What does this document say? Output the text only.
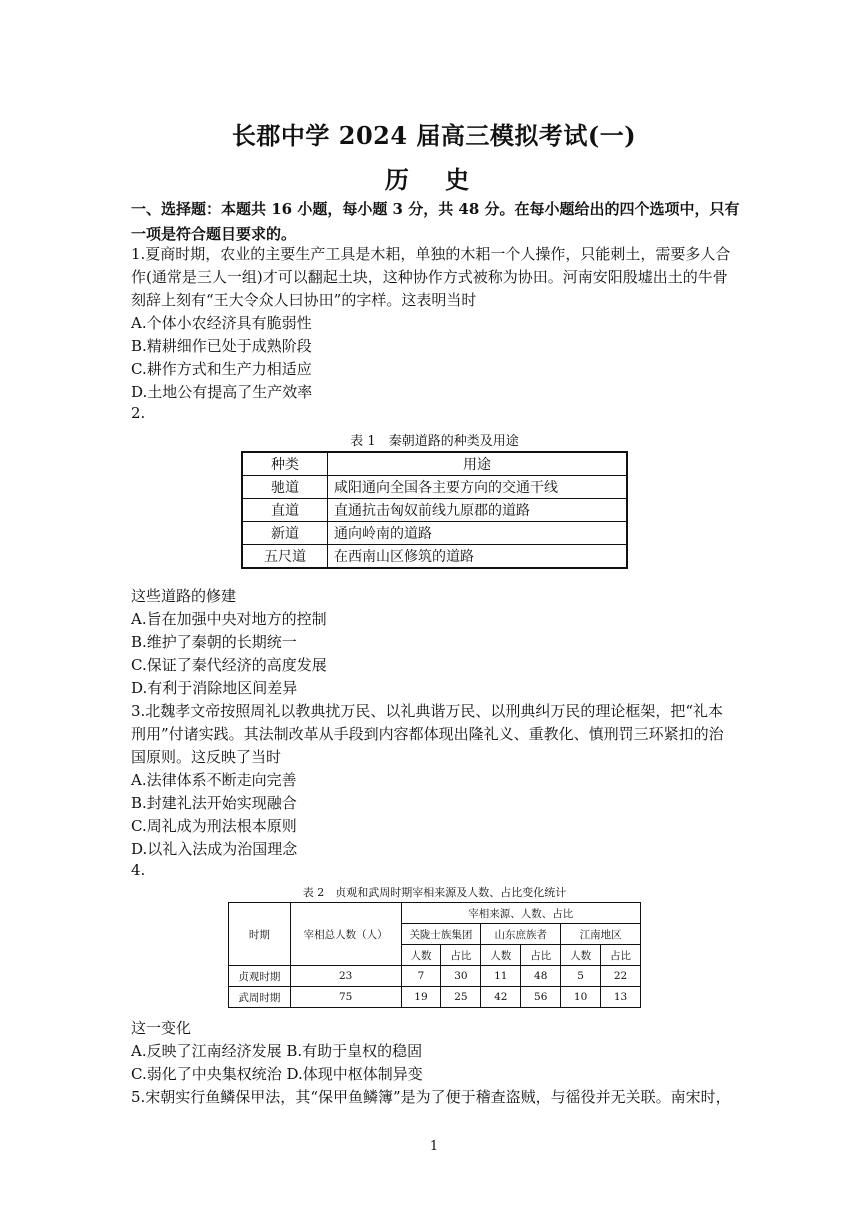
长郡中学 2024 届高三模拟考试(一)
历 史
一、选择题：本题共 16 小题，每小题 3 分，共 48 分。在每小题给出的四个选项中，只有一项是符合题目要求的。
1.夏商时期，农业的主要生产工具是木耜，单独的木耜一个人操作，只能刺土，需要多人合
作(通常是三人一组)才可以翻起土块，这种协作方式被称为协田。河南安阳殷墟出土的牛骨
刻辞上刻有“王大令众人曰协田”的字样。这表明当时
A.个体小农经济具有脆弱性
B.精耕细作已处于成熟阶段
C.耕作方式和生产力相适应
D.土地公有提高了生产效率
2.
表 1　秦朝道路的种类及用途
种类	用途
驰道	咸阳通向全国各主要方向的交通干线
直道	直通抗击匈奴前线九原郡的道路
新道	通向岭南的道路
五尺道	在西南山区修筑的道路
这些道路的修建
A.旨在加强中央对地方的控制
B.维护了秦朝的长期统一
C.保证了秦代经济的高度发展
D.有利于消除地区间差异
3.北魏孝文帝按照周礼以教典扰万民、以礼典谐万民、以刑典纠万民的理论框架，把“礼本
刑用”付诸实践。其法制改革从手段到内容都体现出隆礼义、重教化、慎刑罚三环紧扣的治
国原则。这反映了当时
A.法律体系不断走向完善
B.封建礼法开始实现融合
C.周礼成为刑法根本原则
D.以礼入法成为治国理念
4.
表 2　贞观和武周时期宰相来源及人数、占比变化统计
时期	宰相总人数（人）	宰相来源、人数、占比					
		关陇士族集团		山东庶族者		江南地区	
		人数	占比	人数	占比	人数	占比
贞观时期	23	7	30	11	48	5	22
武周时期	75	19	25	42	56	10	13
这一变化
A.反映了江南经济发展 B.有助于皇权的稳固
C.弱化了中央集权统治 D.体现中枢体制异变
5.宋朝实行鱼鳞保甲法，其“保甲鱼鳞簿”是为了便于稽查盗贼，与徭役并无关联。南宋时，
1
